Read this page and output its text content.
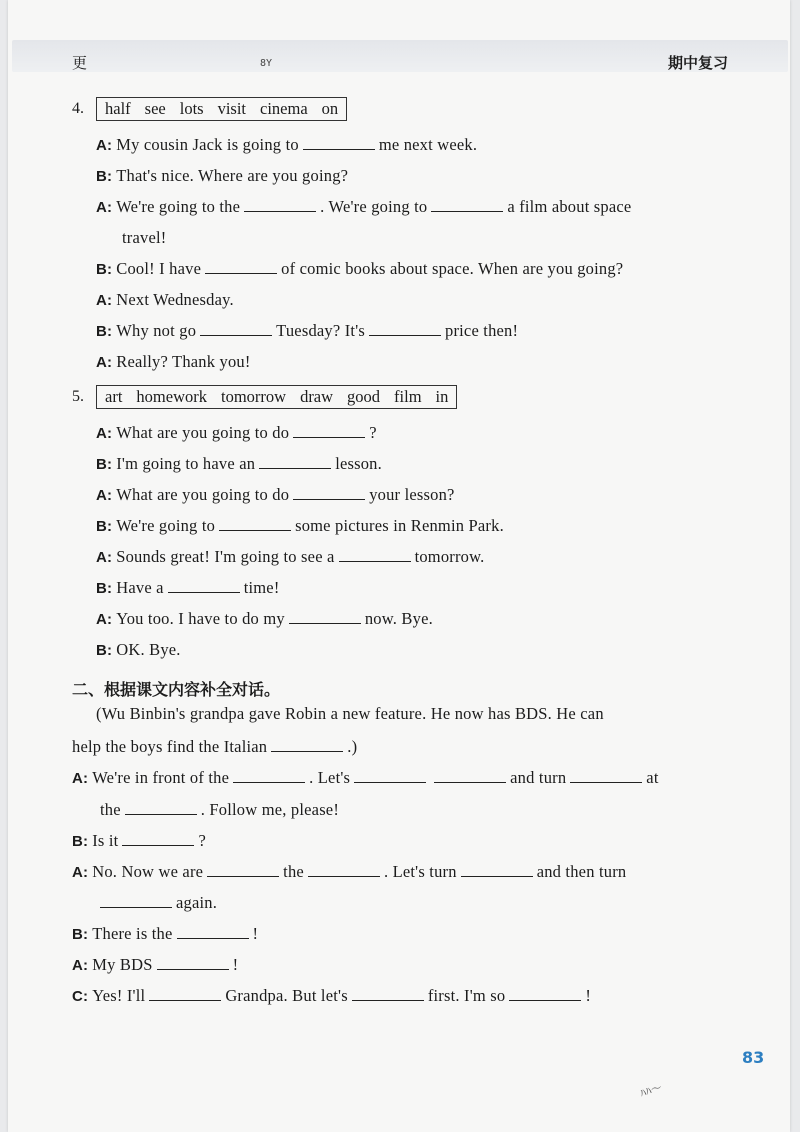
更	8Y	期中复习
4.	half see lots visit cinema on
A: My cousin Jack is going to	me next week.
B: That's nice. Where are you going?
A: We're going to the	. We're going to	a film about space
travel!
B: Cool! I have	of comic books about space. When are you going?
A: Next Wednesday.
B: Why not go	Tuesday? It's	price then!
A: Really? Thank you!
5.	art homework tomorrow draw good film in
A: What are you going to do	?
B: I'm going to have an	lesson.
A: What are you going to do	your lesson?
B: We're going to	some pictures in Renmin Park.
A: Sounds great! I'm going to see a	tomorrow.
B: Have a	time!
A: You too. I have to do my	now. Bye.
B: OK. Bye.
二、根据课文内容补全对话。
(Wu Binbin's grandpa gave Robin a new feature. He now has BDS. He can
help the boys find the Italian	.)
A: We're in front of the	. Let's	and turn	at
the	. Follow me, please!
B: Is it	?
A: No. Now we are	the	. Let's turn	and then turn
again.
B: There is the	!
A: My BDS	!
C: Yes! I'll	Grandpa. But let's	first. I'm so	!
83
ﾊﾊ～
